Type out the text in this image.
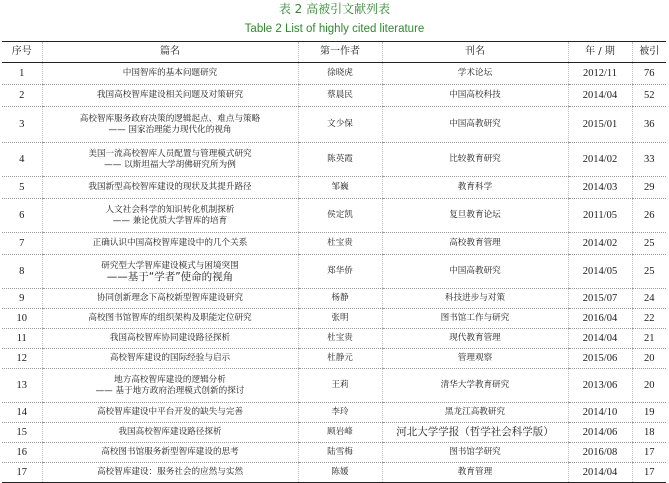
表 2 高被引文献列表
Table 2 List of highly cited literature
序号	篇名	第一作者	刊名	年 / 期	被引
1	中国智库的基本问题研究	徐晓虎	学术论坛	2012/11	76
2	我国高校智库建设相关问题及对策研究	蔡晨民	中国高校科技	2014/04	52
3	高校智库服务政府决策的逻辑起点、难点与策略
—— 国家治理能力现代化的视角	文少保	中国高教研究	2015/01	36
4	美国一流高校智库人员配置与管理模式研究
—— 以斯坦福大学胡佛研究所为例	陈英霞	比较教育研究	2014/02	33
5	我国新型高校智库建设的现状及其提升路径	邹巍	教育科学	2014/03	29
6	人文社会科学的知识转化机制探析
—— 兼论优质大学智库的培育	侯定凯	复旦教育论坛	2011/05	26
7	正确认识中国高校智库建设中的几个关系	杜宝贵	高校教育管理	2014/02	25
8	研究型大学智库建设模式与困境突围
——基于“学者”使命的视角	郑华侨	中国高教研究	2014/05	25
9	协同创新理念下高校新型智库建设研究	杨静	科技进步与对策	2015/07	24
10	高校图书馆智库的组织架构及职能定位研究	张明	图书馆工作与研究	2016/04	22
11	我国高校智库协同建设路径探析	杜宝贵	现代教育管理	2014/04	21
12	高校智库建设的国际经验与启示	杜静元	管理观察	2015/06	20
13	地方高校智库建设的逻辑分析
—— 基于地方政府治理模式创新的探讨	王莉	清华大学教育研究	2013/06	20
14	高校智库建设中平台开发的缺失与完善	李玲	黑龙江高教研究	2014/10	19
15	我国高校智库建设路径探析	顾岩峰	河北大学学报（哲学社会科学版）	2014/06	18
16	高校图书馆服务新型智库建设的思考	陆雪梅	图书馆学研究	2016/08	17
17	高校智库建设：服务社会的应然与实然	陈媛	教育管理	2014/04	17
